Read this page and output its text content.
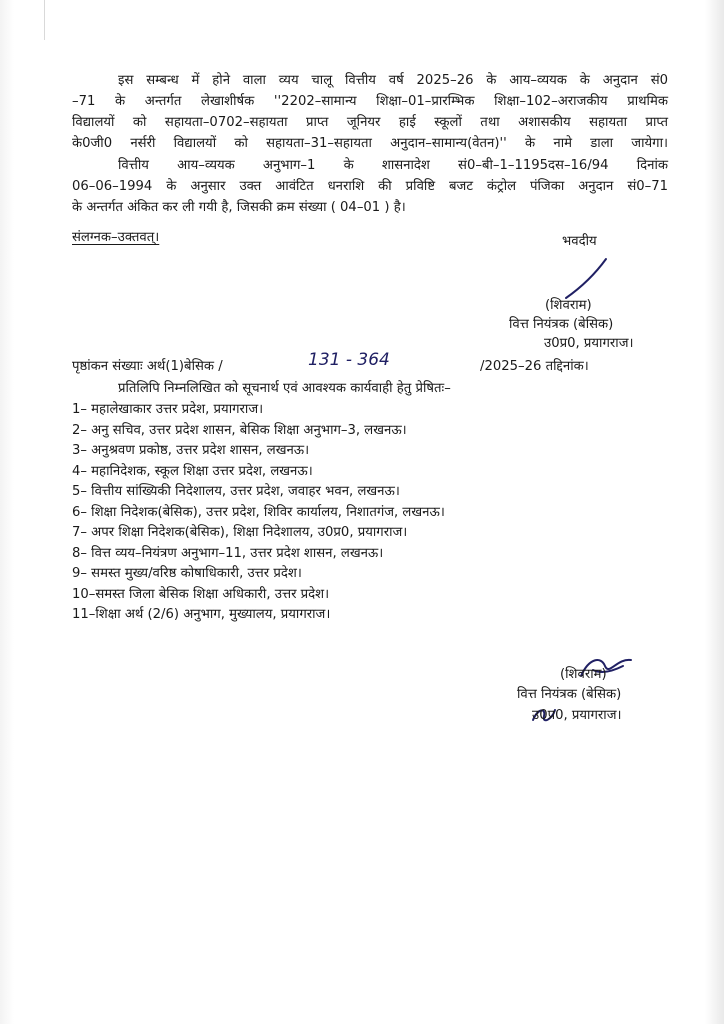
इस सम्बन्ध में होने वाला व्यय चालू वित्तीय वर्ष 2025–26 के आय–व्ययक के अनुदान सं0
–71 के अन्तर्गत लेखाशीर्षक ''2202–सामान्य शिक्षा–01–प्रारम्भिक शिक्षा–102–अराजकीय प्राथमिक
विद्यालयों को सहायता–0702–सहायता प्राप्त जूनियर हाई स्कूलों तथा अशासकीय सहायता प्राप्त
के0जी0 नर्सरी विद्यालयों को सहायता–31–सहायता अनुदान–सामान्य(वेतन)'' के नामे डाला जायेगा।
वित्तीय आय–व्ययक अनुभाग–1 के शासनादेश सं0–बी–1–1195दस–16/94 दिनांक
06–06–1994 के अनुसार उक्त आवंटित धनराशि की प्रविष्टि बजट कंट्रोल पंजिका अनुदान सं0–71
के अन्तर्गत अंकित कर ली गयी है, जिसकी क्रम संख्या ( 04–01 ) है।
संलग्नक–उक्तवत्।	भवदीय
(शिवराम)
वित्त नियंत्रक (बेसिक)
उ0प्र0, प्रयागराज।
पृष्ठांकन संख्याः अर्थ(1)बेसिक /	131 - 364	/2025–26 तद्दिनांक।
प्रतिलिपि निम्नलिखित को सूचनार्थ एवं आवश्यक कार्यवाही हेतु प्रेषितः–
1– महालेखाकार उत्तर प्रदेश, प्रयागराज।
2– अनु सचिव, उत्तर प्रदेश शासन, बेसिक शिक्षा अनुभाग–3, लखनऊ।
3– अनुश्रवण प्रकोष्ठ, उत्तर प्रदेश शासन, लखनऊ।
4– महानिदेशक, स्कूल शिक्षा उत्तर प्रदेश, लखनऊ।
5– वित्तीय सांख्यिकी निदेशालय, उत्तर प्रदेश, जवाहर भवन, लखनऊ।
6– शिक्षा निदेशक(बेसिक), उत्तर प्रदेश, शिविर कार्यालय, निशातगंज, लखनऊ।
7– अपर शिक्षा निदेशक(बेसिक), शिक्षा निदेशालय, उ0प्र0, प्रयागराज।
8– वित्त व्यय–नियंत्रण अनुभाग–11, उत्तर प्रदेश शासन, लखनऊ।
9– समस्त मुख्य/वरिष्ठ कोषाधिकारी, उत्तर प्रदेश।
10–समस्त जिला बेसिक शिक्षा अधिकारी, उत्तर प्रदेश।
11–शिक्षा अर्थ (2/6) अनुभाग, मुख्यालय, प्रयागराज।
(शिवराम)
वित्त नियंत्रक (बेसिक)
उ0प्र0, प्रयागराज।
